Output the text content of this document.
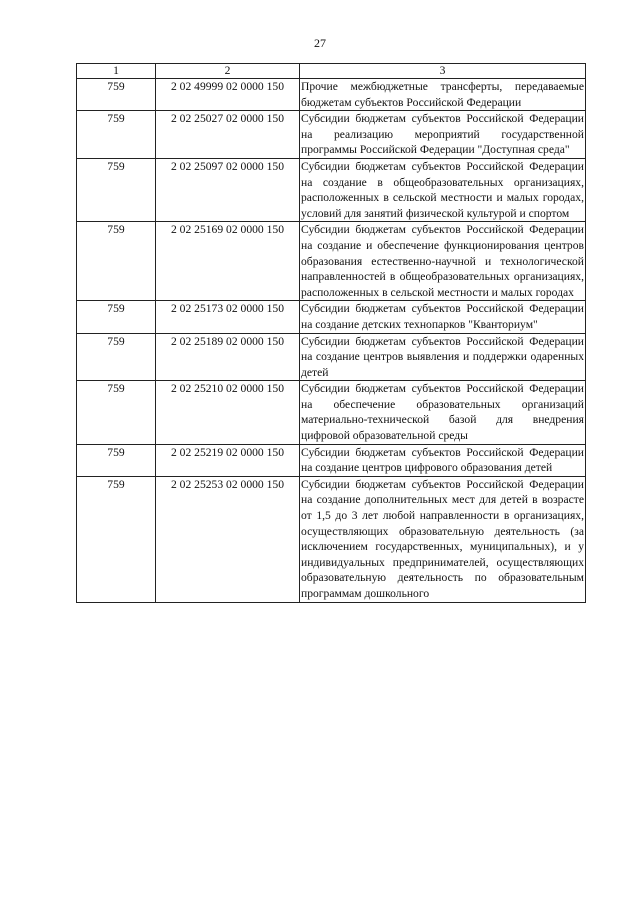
27
1	2	3
759	2 02 49999 02 0000 150	Прочие межбюджетные трансферты, передаваемые бюджетам субъектов Российской Федерации
759	2 02 25027 02 0000 150	Субсидии бюджетам субъектов Российской Федерации на реализацию мероприятий государственной программы Российской Федерации "Доступная среда"
759	2 02 25097 02 0000 150	Субсидии бюджетам субъектов Российской Федерации на создание в общеобразовательных организациях, расположенных в сельской местности и малых городах, условий для занятий физической культурой и спортом
759	2 02 25169 02 0000 150	Субсидии бюджетам субъектов Российской Федерации на создание и обеспечение функционирования центров образования естественно-научной и технологической направленностей в общеобразовательных организациях, расположенных в сельской местности и малых городах
759	2 02 25173 02 0000 150	Субсидии бюджетам субъектов Российской Федерации на создание детских технопарков "Кванториум"
759	2 02 25189 02 0000 150	Субсидии бюджетам субъектов Российской Федерации на создание центров выявления и поддержки одаренных детей
759	2 02 25210 02 0000 150	Субсидии бюджетам субъектов Российской Федерации на обеспечение образовательных организаций материально-технической базой для внедрения цифровой образовательной среды
759	2 02 25219 02 0000 150	Субсидии бюджетам субъектов Российской Федерации на создание центров цифрового образования детей
759	2 02 25253 02 0000 150	Субсидии бюджетам субъектов Российской Федерации на создание дополнительных мест для детей в возрасте от 1,5 до 3 лет любой направленности в организациях, осуществляющих образовательную деятельность (за исключением государственных, муниципальных), и у индивидуальных предпринимателей, осуществляющих образовательную деятельность по образовательным программам дошкольного
